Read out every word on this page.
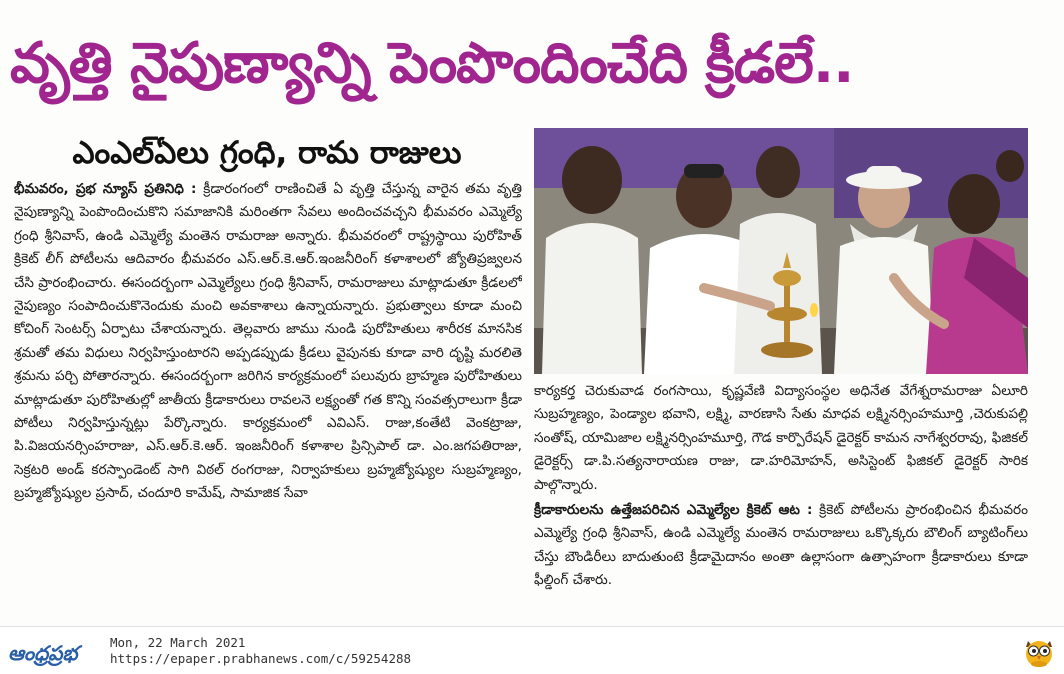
వృత్తి నైపుణ్యాన్ని పెంపొందించేది క్రీడలే..
ఎంఎల్ఏలు గ్రంధి, రామ రాజులు

భీమవరం, ప్రభ న్యూస్ ప్రతినిధి : క్రీడారంగంలో రాణించితే ఏ వృత్తి చేస్తున్న వారైన తమ వృత్తి నైపుణ్యాన్ని పెంపొందించుకొని సమాజానికి మరింతగా సేవలు అందించవచ్చని భీమవరం ఎమ్మెల్యే గ్రంధి శ్రీనివాస్, ఉండి ఎమ్మెల్యే మంతెన రామరాజు అన్నారు. భీమవరంలో రాష్ట్రస్థాయి పురోహిత్ క్రికెట్ లీగ్ పోటీలను ఆదివారం భీమవరం ఎస్.ఆర్.కె.ఆర్.ఇంజనీరింగ్ కళాశాలలో జ్యోతిప్రజ్వలన చేసి ప్రారంభించారు. ఈసందర్బంగా ఎమ్మెల్యేలు గ్రంధి శ్రీనివాస్, రామరాజులు మాట్లాడుతూ క్రీడలలో నైపుణ్యం సంపాదించుకొనెందుకు మంచి అవకాశాలు ఉన్నాయన్నారు. ప్రభుత్వాలు కూడా మంచి కోచింగ్ సెంటర్స్ ఏర్పాటు చేశాయన్నారు. తెల్లవారు జాము నుండి పురోహితులు శారీరక మానసిక శ్రమతో తమ విధులు నిర్వహిస్తుంటారని అప్పడప్పుడు క్రీడలు వైపునకు కూడా వారి దృష్టి మరలితె శ్రమను పర్చి పోతారన్నారు. ఈసందర్బంగా జరిగిన కార్యక్రమంలో పలువురు బ్రాహ్మణ పురోహితులు మాట్లాడుతూ పురోహితుల్లో జాతీయ క్రీడాకారులు రావలనె లక్ష్యంతో గత కొన్ని సంవత్సరాలుగా క్రీడా పోటీలు నిర్వహిస్తున్నట్లు పేర్కొన్నారు. కార్యక్రమంలో ఎవిఎస్. రాజు,కంతేటి వెంకట్రాజు, పి.విజయనర్సింహరాజు, ఎస్.ఆర్.కె.ఆర్. ఇంజనీరింగ్ కళాశాల ప్రిన్సిపాల్ డా. ఎం.జగపతిరాజు, సెక్రటరి అండ్ కరస్పాండెంట్ సాగి విఠల్ రంగరాజు, నిర్వాహకులు బ్రహ్మజ్యోష్యుల సుబ్రహ్మణ్యం, బ్రహ్మజ్యోష్యుల ప్రసాద్, చందూరి కామేష్, సామాజిక సేవా

కార్యకర్త చెరుకువాడ రంగసాయి, కృష్ణవేణి విద్యాసంస్థల అధినేత వేగేశ్నరామరాజు ఏలూరి సుబ్రహ్మణ్యం, పెండ్యాల భవాని, లక్ష్మి, వారణాసి సేతు మాధవ లక్ష్మినర్సింహమూర్తి ,చెరుకుపల్లి సంతోష్, యామిజాల లక్ష్మినర్సింహమూర్తి, గౌడ కార్పొరేషన్ డైరెక్టర్ కామన నాగేశ్వరరావు, ఫిజికల్ డైరెక్టర్స్ డా.పి.సత్యనారాయణ రాజు, డా.హరిమోహన్, అసిస్టెంట్ ఫిజికల్ డైరెక్టర్ సారిక పాల్గొన్నారు.

క్రీడాకారులను ఉత్తేజపరిచిన ఎమ్మెల్యేల క్రికెట్ ఆట : క్రికెట్ పోటీలను ప్రారంభించిన భీమవరం ఎమ్మెల్యే గ్రంధి శ్రీనివాస్, ఉండి ఎమ్మెల్యే మంతెన రామరాజులు ఒక్కొక్కరు బౌలింగ్ బ్యాటింగ్‌లు చేస్తు బౌండిరీలు బాదుతుంటె క్రీడామైదానం అంతా ఉల్లాసంగా ఉత్సాహంగా క్రీడాకారులు కూడా ఫీల్డింగ్ చేశారు.

ఆంధ్రప్రభ	Mon, 22 March 2021
https://epaper.prabhanews.com/c/59254288
